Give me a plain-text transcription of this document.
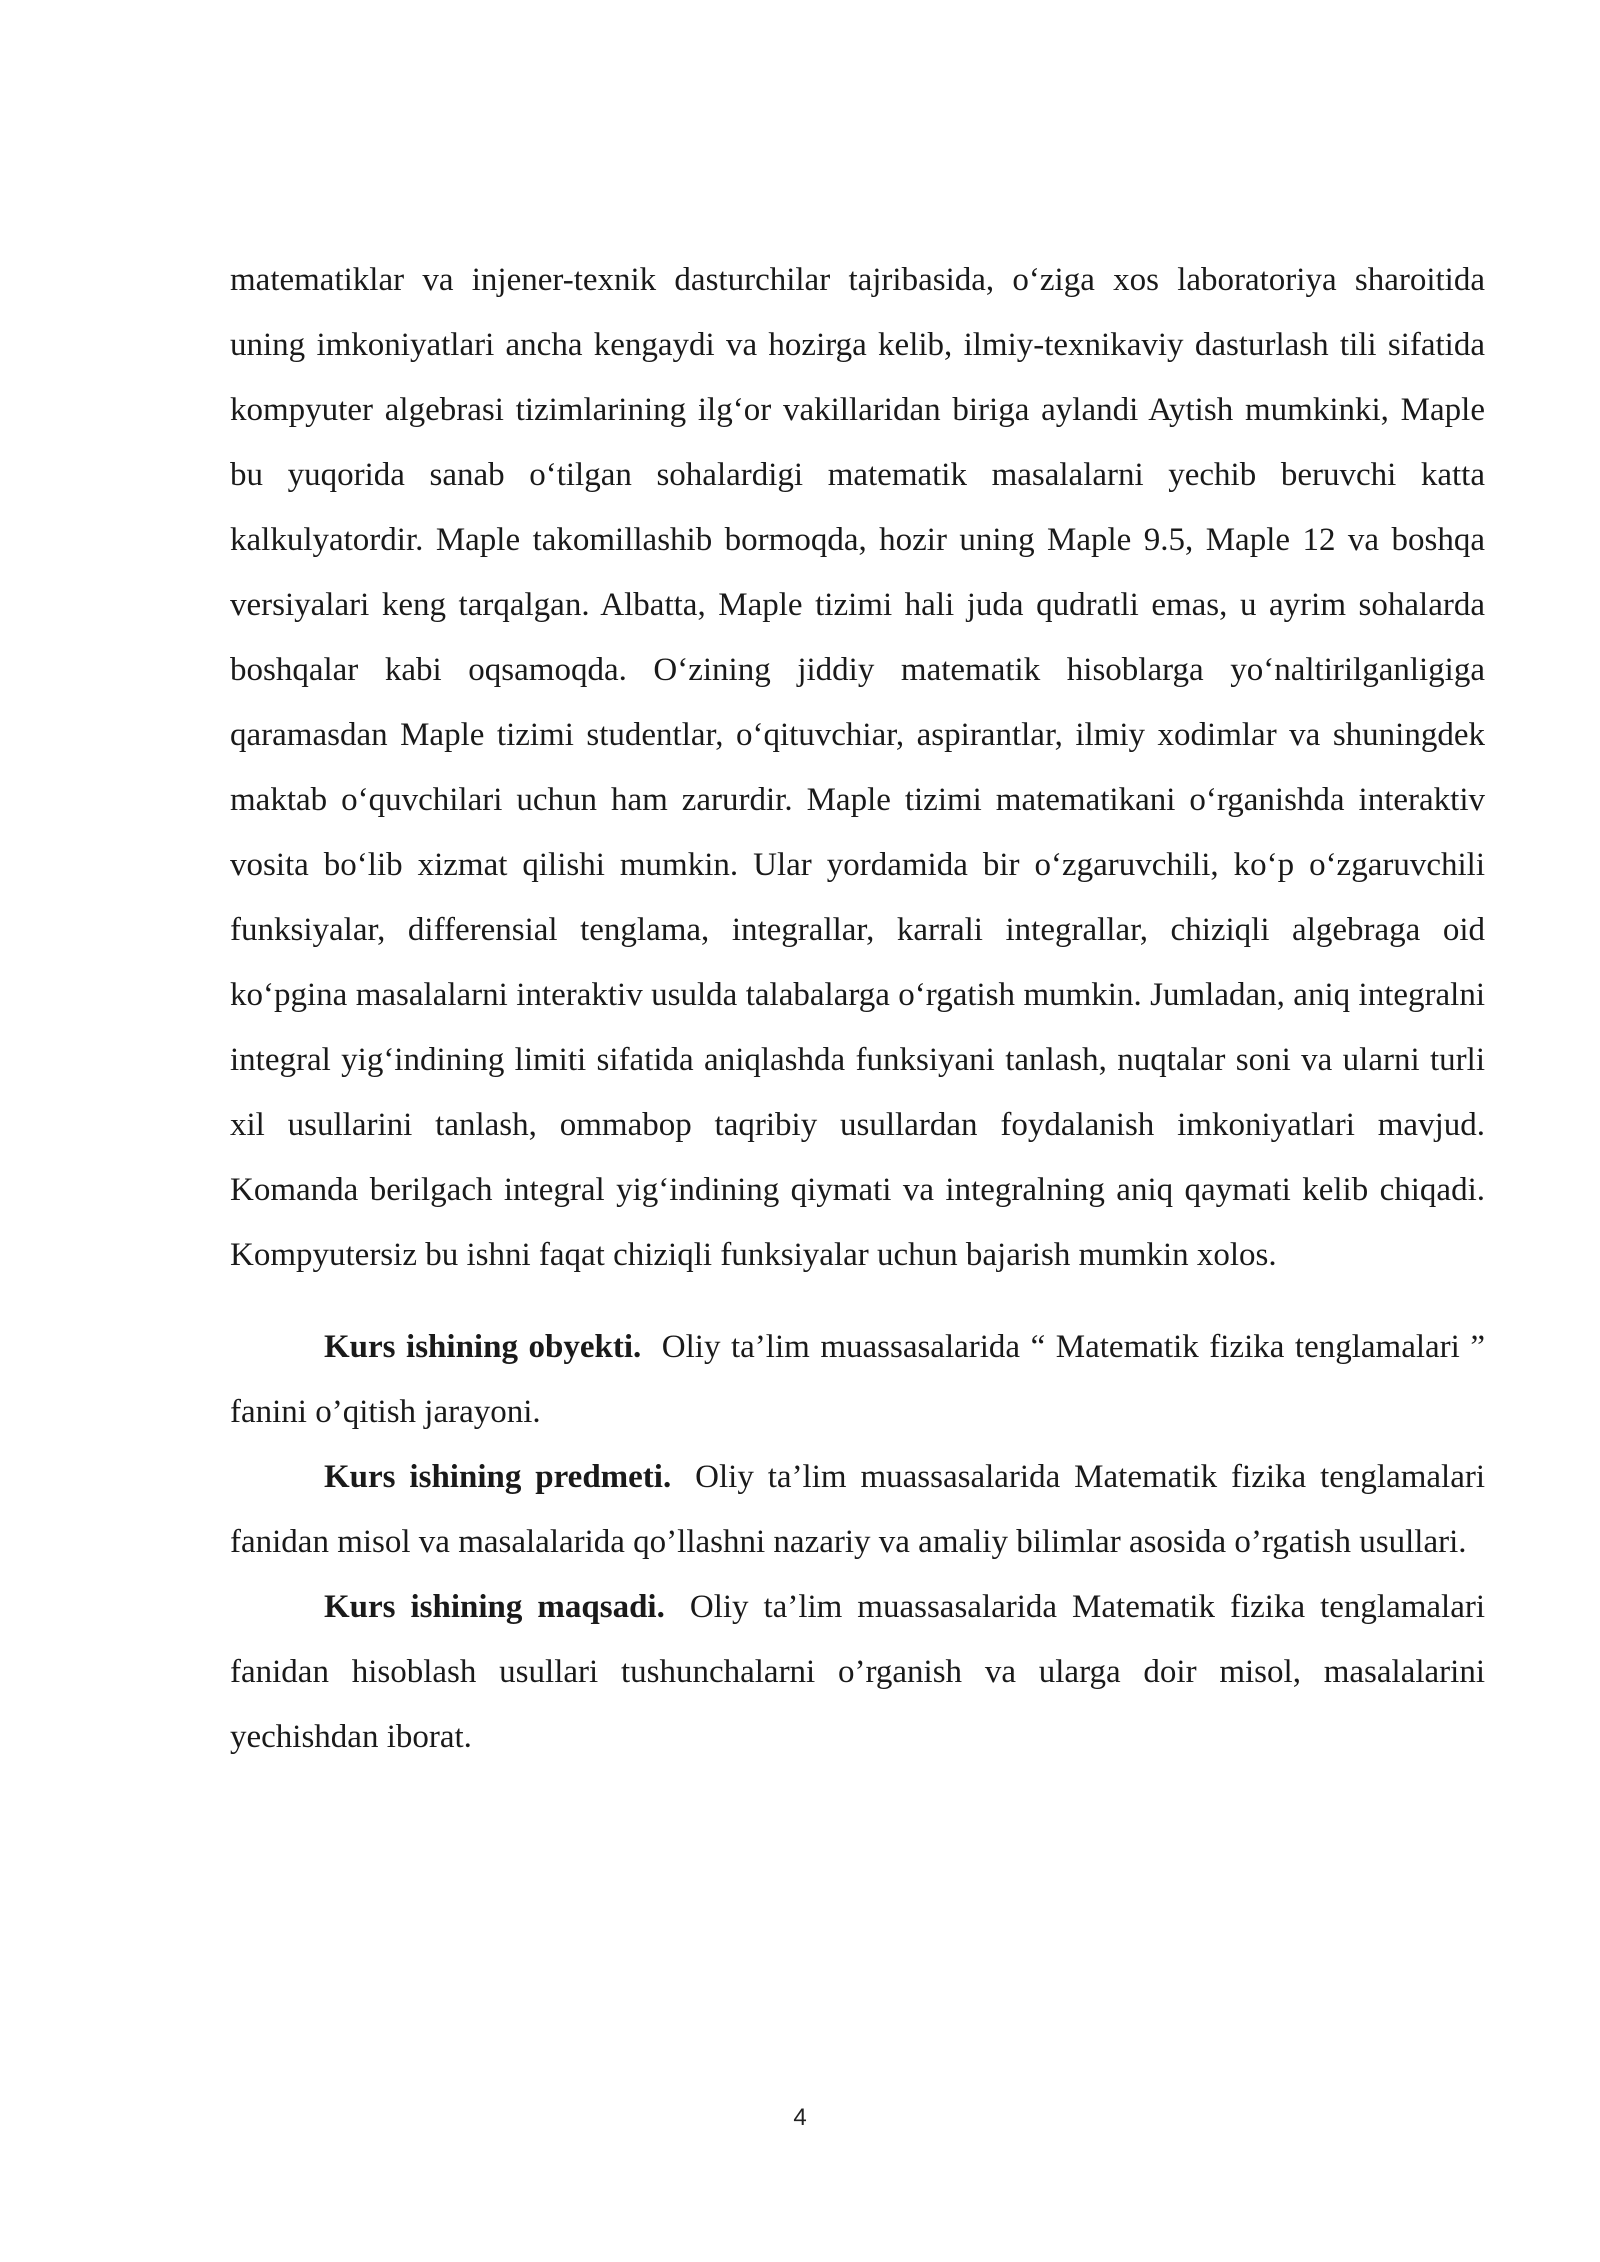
matematiklar va injener-texnik dasturchilar tajribasida, o‘ziga xos laboratoriya sharoitida uning imkoniyatlari ancha kengaydi va hozirga kelib, ilmiy-texnikaviy dasturlash tili sifatida kompyuter algebrasi tizimlarining ilg‘or vakillaridan biriga aylandi Aytish mumkinki, Maple bu yuqorida sanab o‘tilgan sohalardigi matematik masalalarni yechib beruvchi katta kalkulyatordir. Maple takomillashib bormoqda, hozir uning Maple 9.5, Maple 12 va boshqa versiyalari keng tarqalgan. Albatta, Maple tizimi hali juda qudratli emas, u ayrim sohalarda boshqalar kabi oqsamoqda. O‘zining jiddiy matematik hisoblarga yo‘naltirilganligiga qaramasdan Maple tizimi studentlar, o‘qituvchiar, aspirantlar, ilmiy xodimlar va shuningdek maktab o‘quvchilari uchun ham zarurdir. Maple tizimi matematikani o‘rganishda interaktiv vosita bo‘lib xizmat qilishi mumkin. Ular yordamida bir o‘zgaruvchili, ko‘p o‘zgaruvchili funksiyalar, differensial tenglama, integrallar, karrali integrallar, chiziqli algebraga oid ko‘pgina masalalarni interaktiv usulda talabalarga o‘rgatish mumkin. Jumladan, aniq integralni integral yig‘indining limiti sifatida aniqlashda funksiyani tanlash, nuqtalar soni va ularni turli xil usullarini tanlash, ommabop taqribiy usullardan foydalanish imkoniyatlari mavjud. Komanda berilgach integral yig‘indining qiymati va integralning aniq qaymati kelib chiqadi. Kompyutersiz bu ishni faqat chiziqli funksiyalar uchun bajarish mumkin xolos.

Kurs ishining obyekti. Oliy ta’lim muassasalarida “ Matematik fizika tenglamalari ” fanini o’qitish jarayoni.

Kurs ishining predmeti. Oliy ta’lim muassasalarida Matematik fizika tenglamalari fanidan misol va masalalarida qo’llashni nazariy va amaliy bilimlar asosida o’rgatish usullari.

Kurs ishining maqsadi. Oliy ta’lim muassasalarida Matematik fizika tenglamalari fanidan hisoblash usullari tushunchalarni o’rganish va ularga doir misol, masalalarini yechishdan iborat.

4
